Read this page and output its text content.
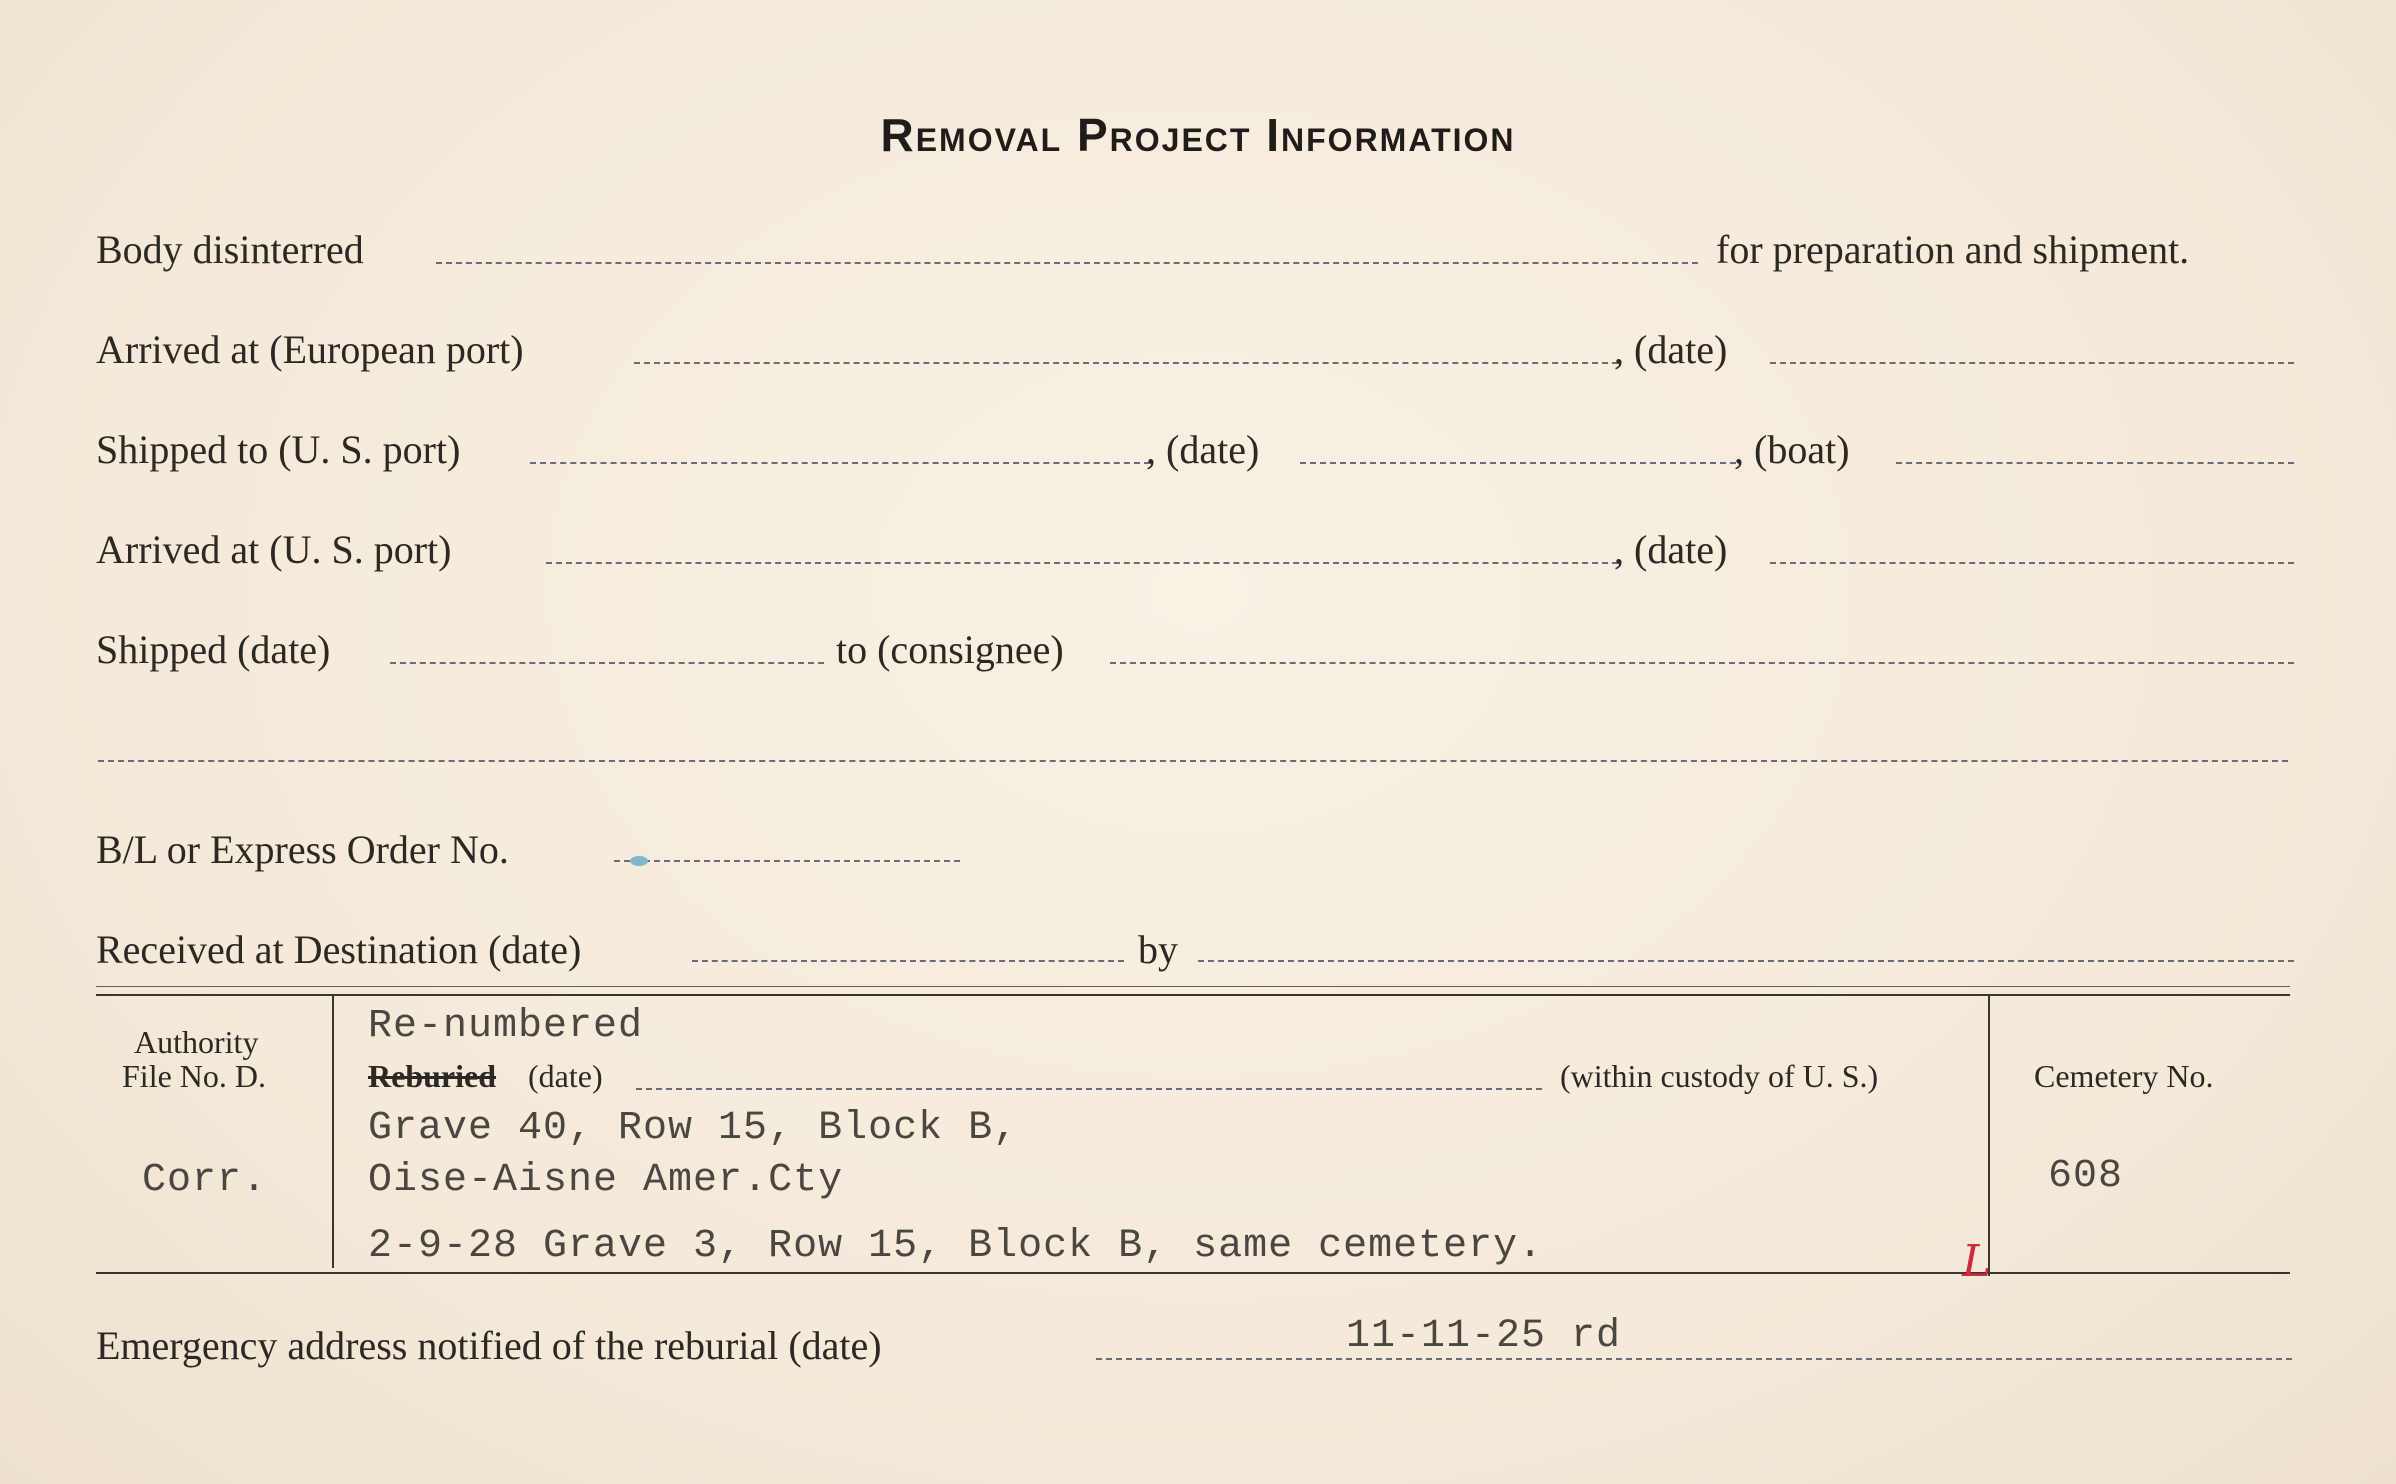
Removal Project Information
Body disinterred	for preparation and shipment.
Arrived at (European port)	, (date)
Shipped to (U. S. port)	, (date)	, (boat)
Arrived at (U. S. port)	, (date)
Shipped (date)	to (consignee)
B/L or Express Order No.
Received at Destination (date)	by
Authority
File No. D.
Corr.
Re-numbered
Reburied (date)	(within custody of U. S.)
Grave 40, Row 15, Block B,
Oise-Aisne Amer.Cty
2-9-28 Grave 3, Row 15, Block B, same cemetery.
Cemetery No.
608
L
Emergency address notified of the reburial (date)	11-11-25 rd
